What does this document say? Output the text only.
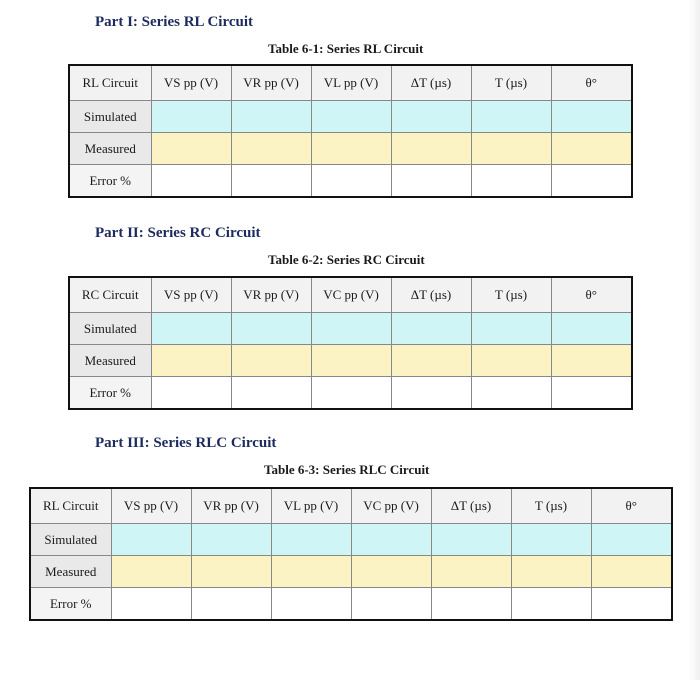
Part I: Series RL Circuit
Table 6-1: Series RL Circuit
RL Circuit	VS pp (V)	VR pp (V)	VL pp (V)	ΔT (µs)	T (µs)	θ°
Simulated						
Measured						
Error %						
Part II: Series RC Circuit
Table 6-2: Series RC Circuit
RC Circuit	VS pp (V)	VR pp (V)	VC pp (V)	ΔT (µs)	T (µs)	θ°
Simulated						
Measured						
Error %						
Part III: Series RLC Circuit
Table 6-3: Series RLC Circuit
RL Circuit	VS pp (V)	VR pp (V)	VL pp (V)	VC pp (V)	ΔT (µs)	T (µs)	θ°
Simulated							
Measured							
Error %							
